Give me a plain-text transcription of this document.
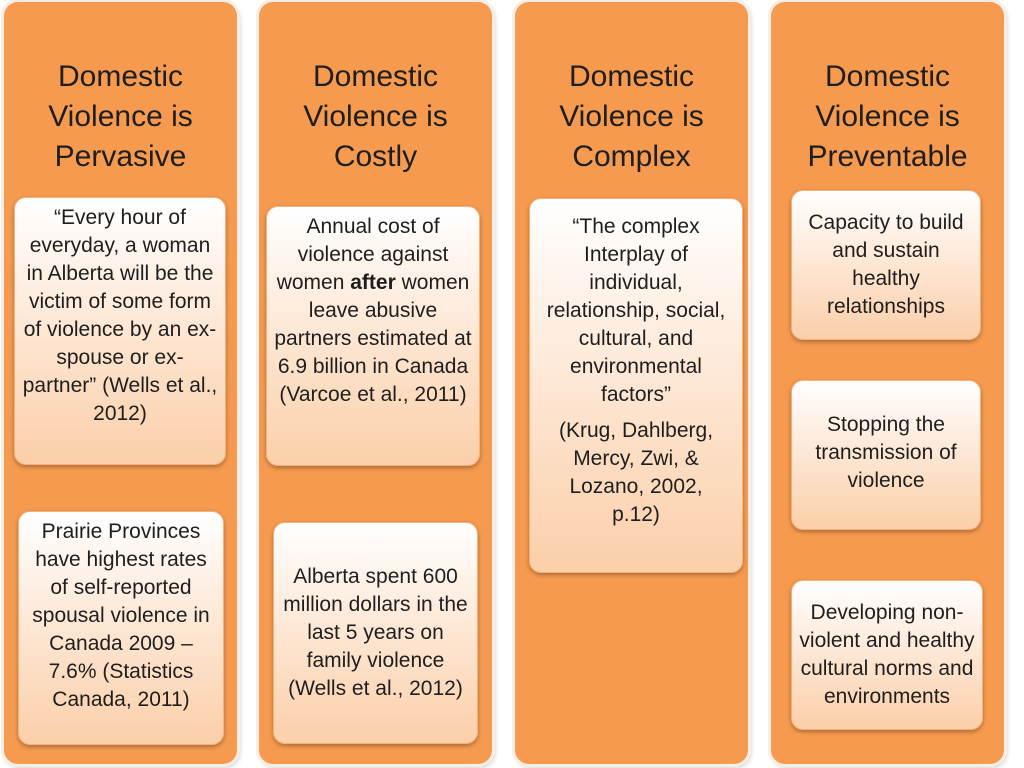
Domestic Violence is Pervasive

“Every hour of everyday, a woman in Alberta will be the victim of some form of violence by an ex-spouse or ex-partner” (Wells et al., 2012)

Prairie Provinces have highest rates of self-reported spousal violence in Canada 2009 – 7.6% (Statistics Canada, 2011)

Domestic Violence is Costly

Annual cost of violence against women after women leave abusive partners estimated at 6.9 billion in Canada (Varcoe et al., 2011)

Alberta spent 600 million dollars in the last 5 years on family violence (Wells et al., 2012)

Domestic Violence is Complex

“The complex Interplay of individual, relationship, social, cultural, and environmental factors”

(Krug, Dahlberg, Mercy, Zwi, & Lozano, 2002, p.12)

Domestic Violence is Preventable

Capacity to build and sustain healthy relationships

Stopping the transmission of violence

Developing non-violent and healthy cultural norms and environments
